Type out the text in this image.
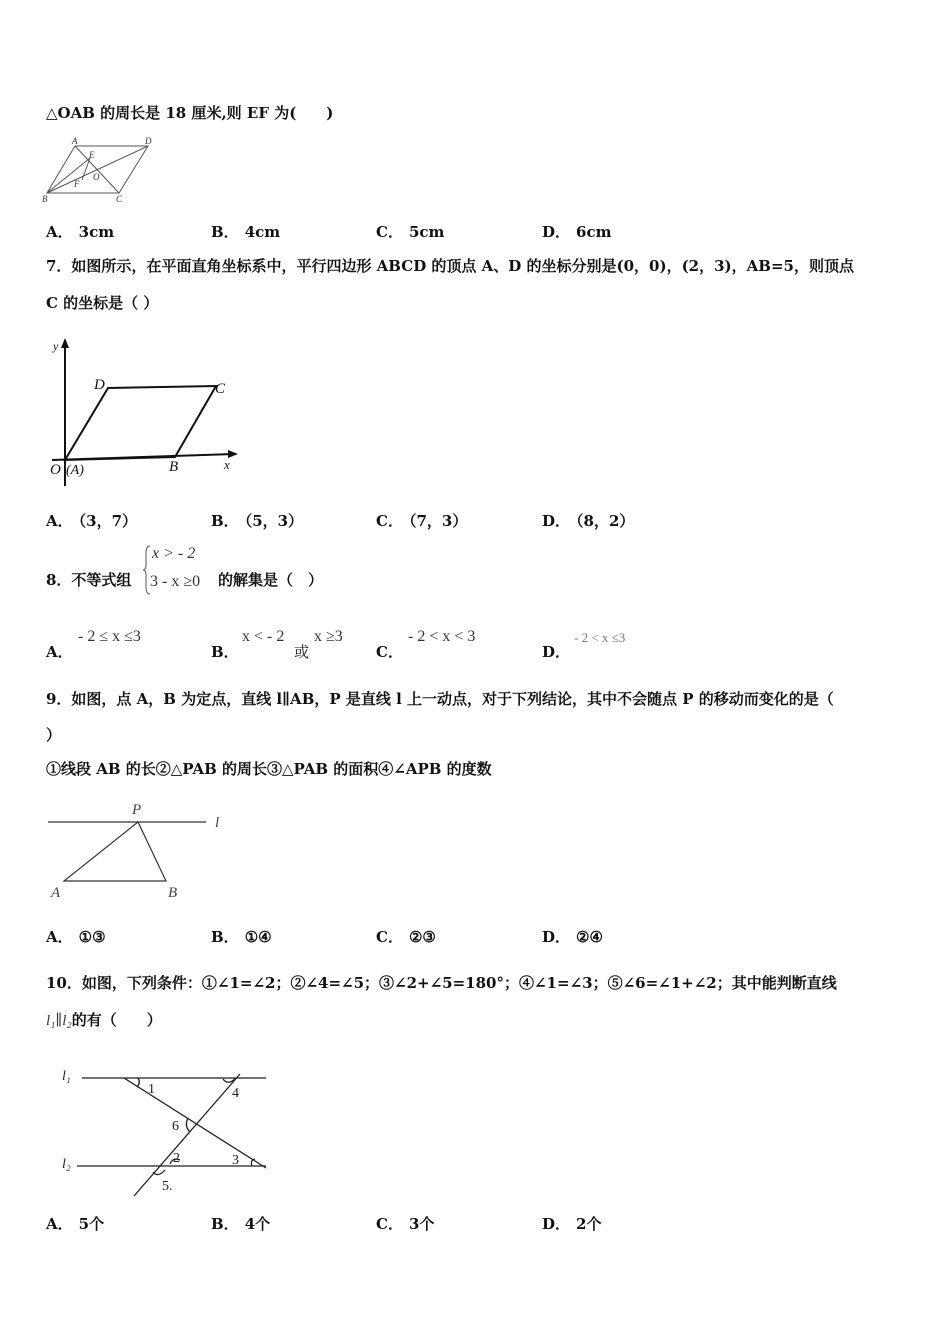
△OAB 的周长是 18 厘米,则 EF 为(　　)
A	D
B	C
E
F
O
A． 3cm	B． 4cm	C． 5cm	D． 6cm
7．如图所示，在平面直角坐标系中，平行四边形 ABCD 的顶点 A、D 的坐标分别是(0，0)，(2，3)，AB=5，则顶点
C 的坐标是（ ）
y
x
O (A)	B
C
D
A． （3，7）	B． （5，3）	C． （7，3）	D． （8，2）
8．不等式组
x > - 2
3 - x ≥0 的解集是（　）
A．
- 2 ≤ x ≤3
B．
x < - 2
或
x ≥3
C．
- 2 < x < 3
D．
- 2 < x ≤3
9．如图，点 A，B 为定点，直线 l∥AB，P 是直线 l 上一动点，对于下列结论，其中不会随点 P 的移动而变化的是（
）
①线段 AB 的长②△PAB 的周长③△PAB 的面积④∠APB 的度数
P
l
A	B
A． ①③	B． ①④	C． ②③	D． ②④
10．如图，下列条件：①∠1=∠2；②∠4=∠5；③∠2+∠5=180°；④∠1=∠3；⑤∠6=∠1+∠2；其中能判断直线
l₁∥l₂的有（　　）
l₁
l₂
1
2	3
4
5.
6
A． 5个	B． 4个	C． 3个	D． 2个
